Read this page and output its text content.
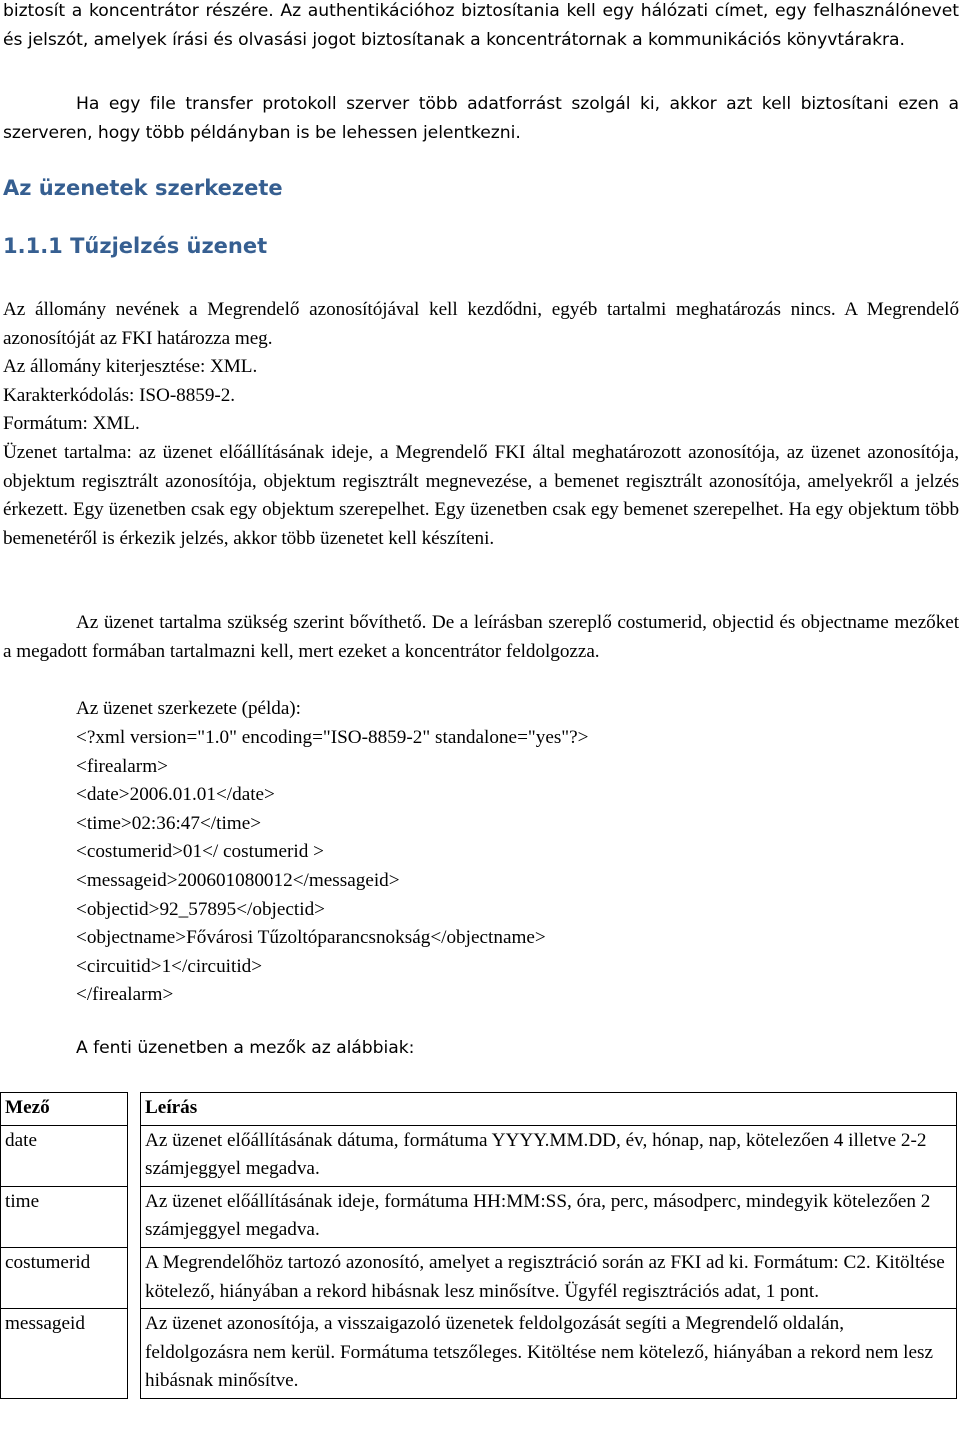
biztosít a koncentrátor részére. Az authentikációhoz biztosítania kell egy hálózati címet, egy felhasználónevet és jelszót, amelyek írási és olvasási jogot biztosítanak a koncentrátornak a kommunikációs könyvtárakra.

Ha egy file transfer protokoll szerver több adatforrást szolgál ki, akkor azt kell biztosítani ezen a szerveren, hogy több példányban is be lehessen jelentkezni.

Az üzenetek szerkezete
1.1.1 Tűzjelzés üzenet

Az állomány nevének a Megrendelő azonosítójával kell kezdődni, egyéb tartalmi meghatározás nincs. A Megrendelő azonosítóját az FKI határozza meg.

Az állomány kiterjesztése: XML.

Karakterkódolás: ISO-8859-2.

Formátum: XML.

Üzenet tartalma: az üzenet előállításának ideje, a Megrendelő FKI által meghatározott azonosítója, az üzenet azonosítója, objektum regisztrált azonosítója, objektum regisztrált megnevezése, a bemenet regisztrált azonosítója, amelyekről a jelzés érkezett. Egy üzenetben csak egy objektum szerepelhet. Egy üzenetben csak egy bemenet szerepelhet. Ha egy objektum több bemenetéről is érkezik jelzés, akkor több üzenetet kell készíteni.

Az üzenet tartalma szükség szerint bővíthető. De a leírásban szereplő costumerid, objectid és objectname mezőket a megadott formában tartalmazni kell, mert ezeket a koncentrátor feldolgozza.

Az üzenet szerkezete (példa):

<?xml version="1.0" encoding="ISO-8859-2" standalone="yes"?>

<firealarm>

<date>2006.01.01</date>

<time>02:36:47</time>

<costumerid>01</ costumerid >

<messageid>200601080012</messageid>

<objectid>92_57895</objectid>

<objectname>Fővárosi Tűzoltóparancsnokság</objectname>

<circuitid>1</circuitid>

</firealarm>

A fenti üzenetben a mezők az alábbiak:

Mező		Leírás
date		Az üzenet előállításának dátuma, formátuma YYYY.MM.DD, év, hónap, nap, kötelezően 4 illetve 2-2 számjeggyel megadva.
time		Az üzenet előállításának ideje, formátuma HH:MM:SS, óra, perc, másodperc, mindegyik kötelezően 2 számjeggyel megadva.
costumerid		A Megrendelőhöz tartozó azonosító, amelyet a regisztráció során az FKI ad ki. Formátum: C2. Kitöltése kötelező, hiányában a rekord hibásnak lesz minősítve. Ügyfél regisztrációs adat, 1 pont.
messageid		Az üzenet azonosítója, a visszaigazoló üzenetek feldolgozását segíti a Megrendelő oldalán, feldolgozásra nem kerül. Formátuma tetszőleges. Kitöltése nem kötelező, hiányában a rekord nem lesz hibásnak minősítve.
